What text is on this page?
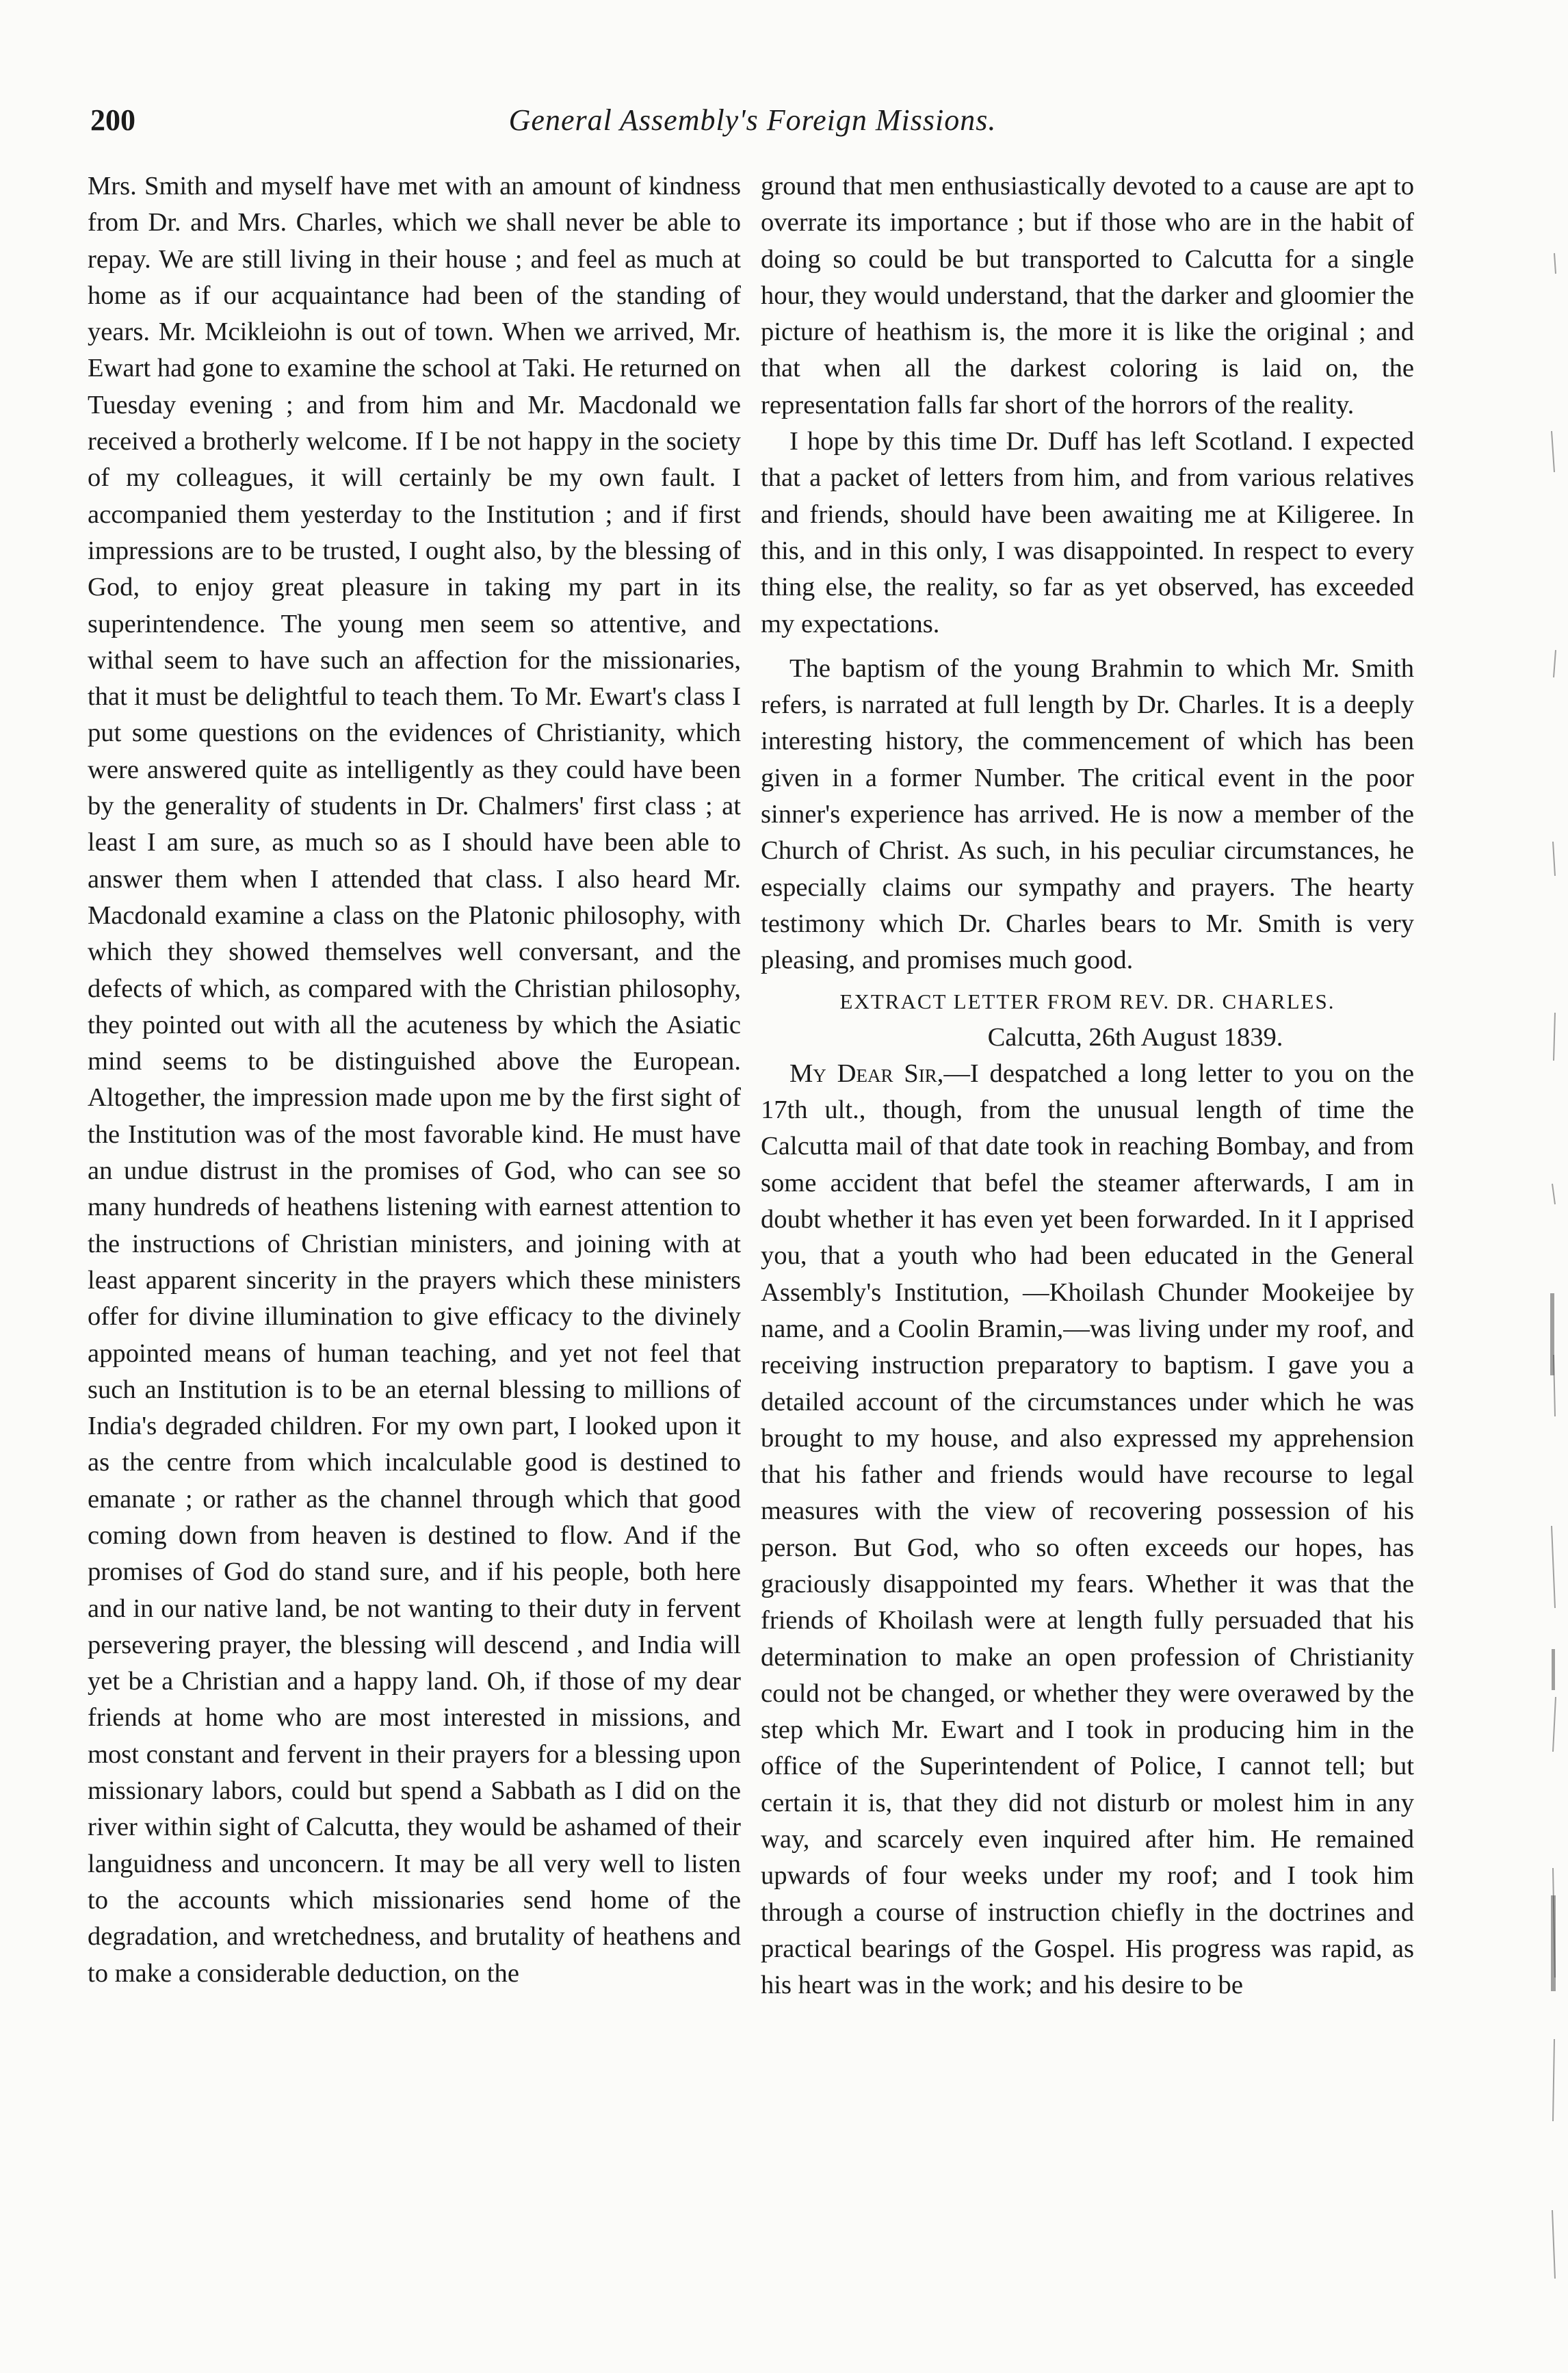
200	General Assembly's Foreign Missions.

Mrs. Smith and myself have met with an amount of kindness from Dr. and Mrs. Charles, which we shall never be able to repay. We are still living in their house ; and feel as much at home as if our acquaintance had been of the standing of years. Mr. Mcikleiohn is out of town. When we arrived, Mr. Ewart had gone to examine the school at Taki. He returned on Tuesday evening ; and from him and Mr. Macdonald we received a brotherly welcome. If I be not happy in the society of my colleagues, it will certainly be my own fault. I accompanied them yesterday to the Institution ; and if first impressions are to be trusted, I ought also, by the blessing of God, to enjoy great pleasure in taking my part in its superintendence. The young men seem so attentive, and withal seem to have such an affection for the missionaries, that it must be delightful to teach them. To Mr. Ewart's class I put some questions on the evidences of Christianity, which were answered quite as intelligently as they could have been by the generality of students in Dr. Chalmers' first class ; at least I am sure, as much so as I should have been able to answer them when I attended that class. I also heard Mr. Macdonald examine a class on the Platonic philosophy, with which they showed themselves well conversant, and the defects of which, as compared with the Christian philosophy, they pointed out with all the acuteness by which the Asiatic mind seems to be distinguished above the European. Altogether, the impression made upon me by the first sight of the Institution was of the most favorable kind. He must have an undue distrust in the promises of God, who can see so many hundreds of heathens listening with earnest attention to the instructions of Christian ministers, and joining with at least apparent sincerity in the prayers which these ministers offer for divine illumination to give efficacy to the divinely appointed means of human teaching, and yet not feel that such an Institution is to be an eternal blessing to millions of India's degraded children. For my own part, I looked upon it as the centre from which incalculable good is destined to emanate ; or rather as the channel through which that good coming down from heaven is destined to flow. And if the promises of God do stand sure, and if his people, both here and in our native land, be not wanting to their duty in fervent persevering prayer, the blessing will descend , and India will yet be a Christian and a happy land. Oh, if those of my dear friends at home who are most interested in missions, and most constant and fervent in their prayers for a blessing upon missionary labors, could but spend a Sabbath as I did on the river within sight of Calcutta, they would be ashamed of their languidness and unconcern. It may be all very well to listen to the accounts which missionaries send home of the degradation, and wretchedness, and brutality of heathens and to make a considerable deduction, on the

ground that men enthusiastically devoted to a cause are apt to overrate its importance ; but if those who are in the habit of doing so could be but transported to Calcutta for a single hour, they would understand, that the darker and gloomier the picture of heathism is, the more it is like the original ; and that when all the darkest coloring is laid on, the representation falls far short of the horrors of the reality.

I hope by this time Dr. Duff has left Scotland. I expected that a packet of letters from him, and from various relatives and friends, should have been awaiting me at Kiligeree. In this, and in this only, I was disappointed. In respect to every thing else, the reality, so far as yet observed, has exceeded my expectations.

The baptism of the young Brahmin to which Mr. Smith refers, is narrated at full length by Dr. Charles. It is a deeply interesting history, the commencement of which has been given in a former Number. The critical event in the poor sinner's experience has arrived. He is now a member of the Church of Christ. As such, in his peculiar circumstances, he especially claims our sympathy and prayers. The hearty testimony which Dr. Charles bears to Mr. Smith is very pleasing, and promises much good.

EXTRACT LETTER FROM REV. DR. CHARLES.
Calcutta, 26th August 1839.

My Dear Sir,—I despatched a long letter to you on the 17th ult., though, from the unusual length of time the Calcutta mail of that date took in reaching Bombay, and from some accident that befel the steamer afterwards, I am in doubt whether it has even yet been forwarded. In it I apprised you, that a youth who had been educated in the General Assembly's Institution, —Khoilash Chunder Mookeijee by name, and a Coolin Bramin,—was living under my roof, and receiving instruction preparatory to baptism. I gave you a detailed account of the circumstances under which he was brought to my house, and also expressed my apprehension that his father and friends would have recourse to legal measures with the view of recovering possession of his person. But God, who so often exceeds our hopes, has graciously disappointed my fears. Whether it was that the friends of Khoilash were at length fully persuaded that his determination to make an open profession of Christianity could not be changed, or whether they were overawed by the step which Mr. Ewart and I took in producing him in the office of the Superintendent of Police, I cannot tell; but certain it is, that they did not disturb or molest him in any way, and scarcely even inquired after him. He remained upwards of four weeks under my roof; and I took him through a course of instruction chiefly in the doctrines and practical bearings of the Gospel. His progress was rapid, as his heart was in the work; and his desire to be
